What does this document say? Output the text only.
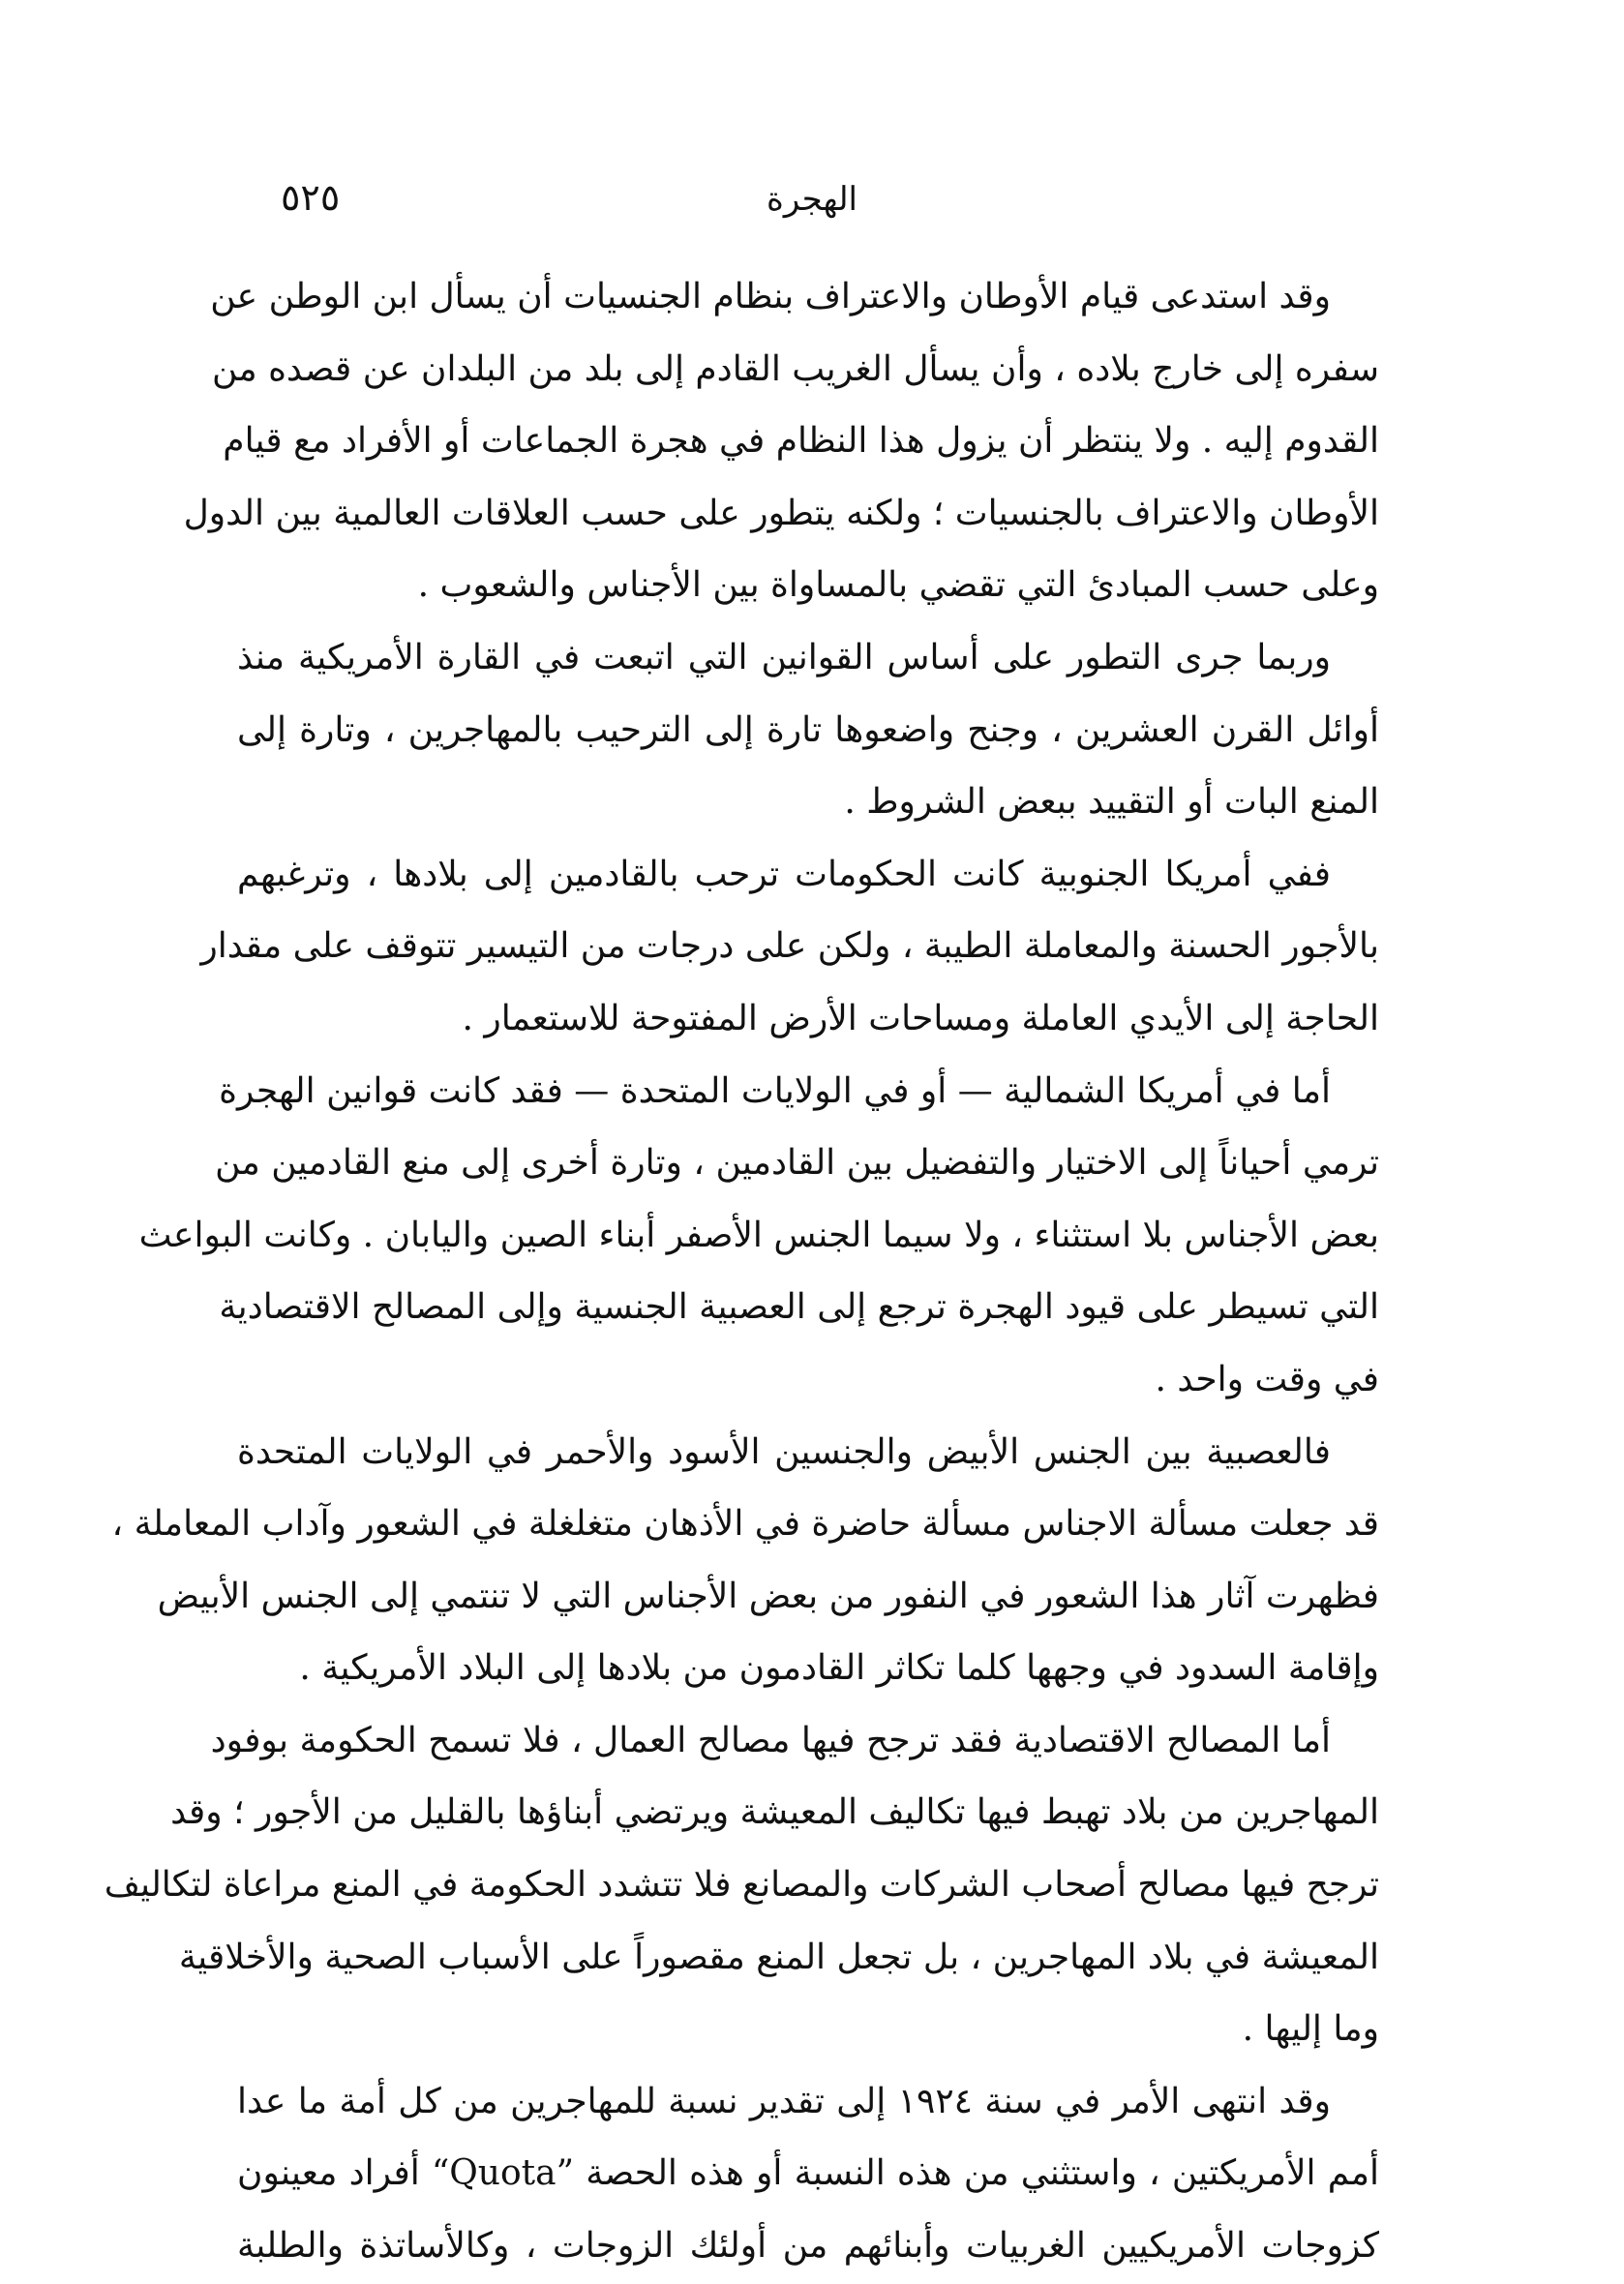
٥٢٥	الهجرة
وقد استدعى قيام الأوطان والاعتراف بنظام الجنسيات أن يسأل ابن الوطن عن
سفره إلى خارج بلاده ، وأن يسأل الغريب القادم إلى بلد من البلدان عن قصده من
القدوم إليه . ولا ينتظر أن يزول هذا النظام في هجرة الجماعات أو الأفراد مع قيام
الأوطان والاعتراف بالجنسيات ؛ ولكنه يتطور على حسب العلاقات العالمية بين الدول
وعلى حسب المبادئ التي تقضي بالمساواة بين الأجناس والشعوب .
وربما جرى التطور على أساس القوانين التي اتبعت في القارة الأمريكية منذ
أوائل القرن العشرين ، وجنح واضعوها تارة إلى الترحيب بالمهاجرين ، وتارة إلى
المنع البات أو التقييد ببعض الشروط .
ففي أمريكا الجنوبية كانت الحكومات ترحب بالقادمين إلى بلادها ، وترغبهم
بالأجور الحسنة والمعاملة الطيبة ، ولكن على درجات من التيسير تتوقف على مقدار
الحاجة إلى الأيدي العاملة ومساحات الأرض المفتوحة للاستعمار .
أما في أمريكا الشمالية — أو في الولايات المتحدة — فقد كانت قوانين الهجرة
ترمي أحياناً إلى الاختيار والتفضيل بين القادمين ، وتارة أخرى إلى منع القادمين من
بعض الأجناس بلا استثناء ، ولا سيما الجنس الأصفر أبناء الصين واليابان . وكانت البواعث
التي تسيطر على قيود الهجرة ترجع إلى العصبية الجنسية وإلى المصالح الاقتصادية
في وقت واحد .
فالعصبية بين الجنس الأبيض والجنسين الأسود والأحمر في الولايات المتحدة
قد جعلت مسألة الاجناس مسألة حاضرة في الأذهان متغلغلة في الشعور وآداب المعاملة ،
فظهرت آثار هذا الشعور في النفور من بعض الأجناس التي لا تنتمي إلى الجنس الأبيض
وإقامة السدود في وجهها كلما تكاثر القادمون من بلادها إلى البلاد الأمريكية .
أما المصالح الاقتصادية فقد ترجح فيها مصالح العمال ، فلا تسمح الحكومة بوفود
المهاجرين من بلاد تهبط فيها تكاليف المعيشة ويرتضي أبناؤها بالقليل من الأجور ؛ وقد
ترجح فيها مصالح أصحاب الشركات والمصانع فلا تتشدد الحكومة في المنع مراعاة لتكاليف
المعيشة في بلاد المهاجرين ، بل تجعل المنع مقصوراً على الأسباب الصحية والأخلاقية
وما إليها .
وقد انتهى الأمر في سنة ١٩٢٤ إلى تقدير نسبة للمهاجرين من كل أمة ما عدا
أمم الأمريكتين ، واستثني من هذه النسبة أو هذه الحصة ”Quota“ أفراد معينون
كزوجات الأمريكيين الغربيات وأبنائهم من أولئك الزوجات ، وكالأساتذة والطلبة
